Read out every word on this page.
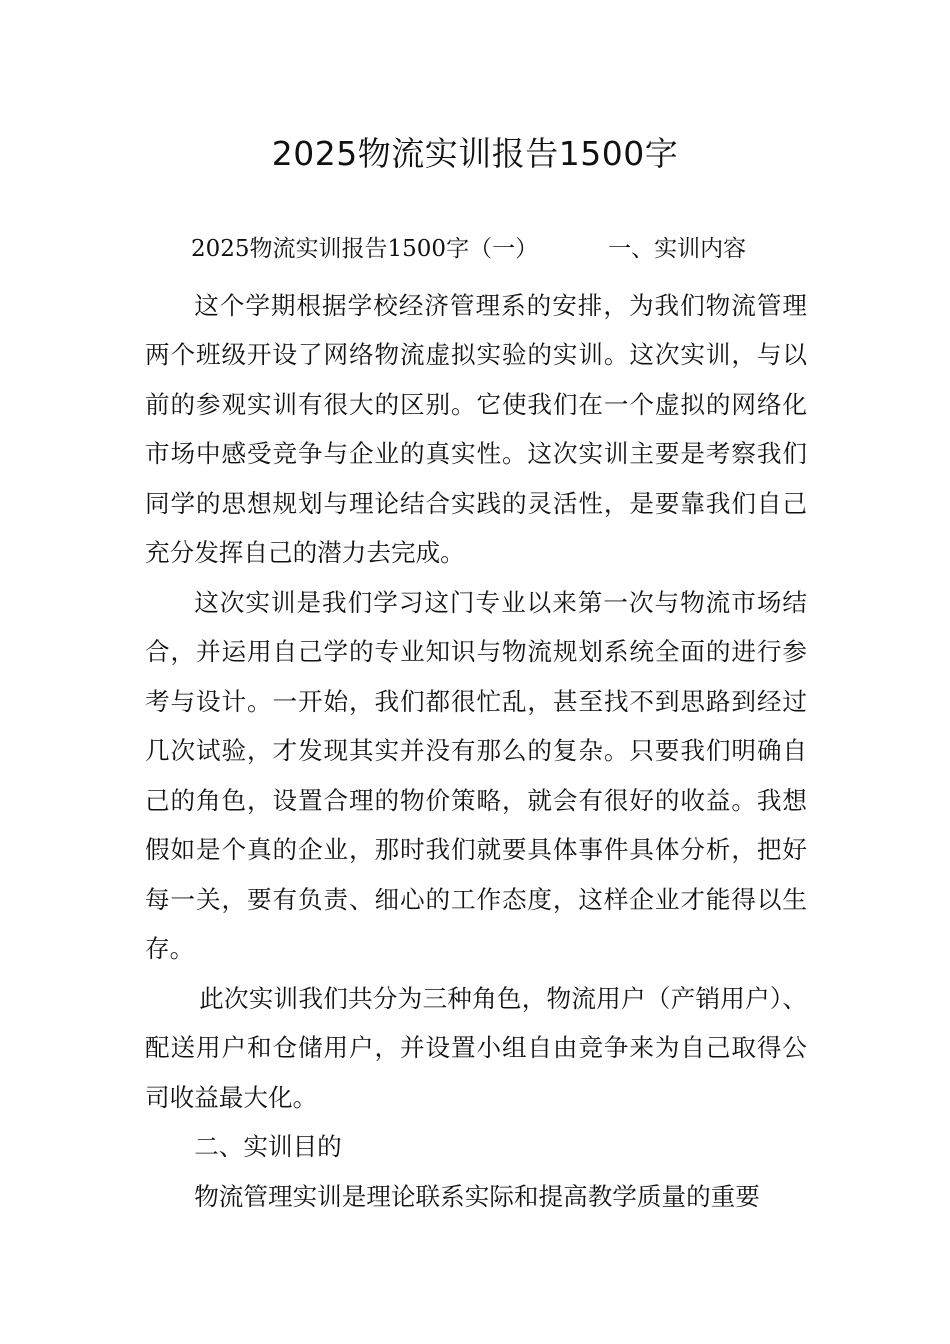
2025物流实训报告1500字

2025物流实训报告1500字（一）	一、实训内容

这个学期根据学校经济管理系的安排，为我们物流管理两个班级开设了网络物流虚拟实验的实训。这次实训，与以前的参观实训有很大的区别。它使我们在一个虚拟的网络化市场中感受竞争与企业的真实性。这次实训主要是考察我们同学的思想规划与理论结合实践的灵活性，是要靠我们自己充分发挥自己的潜力去完成。

这次实训是我们学习这门专业以来第一次与物流市场结合，并运用自己学的专业知识与物流规划系统全面的进行参考与设计。一开始，我们都很忙乱，甚至找不到思路到经过几次试验，才发现其实并没有那么的复杂。只要我们明确自己的角色，设置合理的物价策略，就会有很好的收益。我想假如是个真的企业，那时我们就要具体事件具体分析，把好每一关，要有负责、细心的工作态度，这样企业才能得以生存。

此次实训我们共分为三种角色，物流用户（产销用户）、配送用户和仓储用户，并设置小组自由竞争来为自己取得公司收益最大化。

二、实训目的

物流管理实训是理论联系实际和提高教学质量的重要
